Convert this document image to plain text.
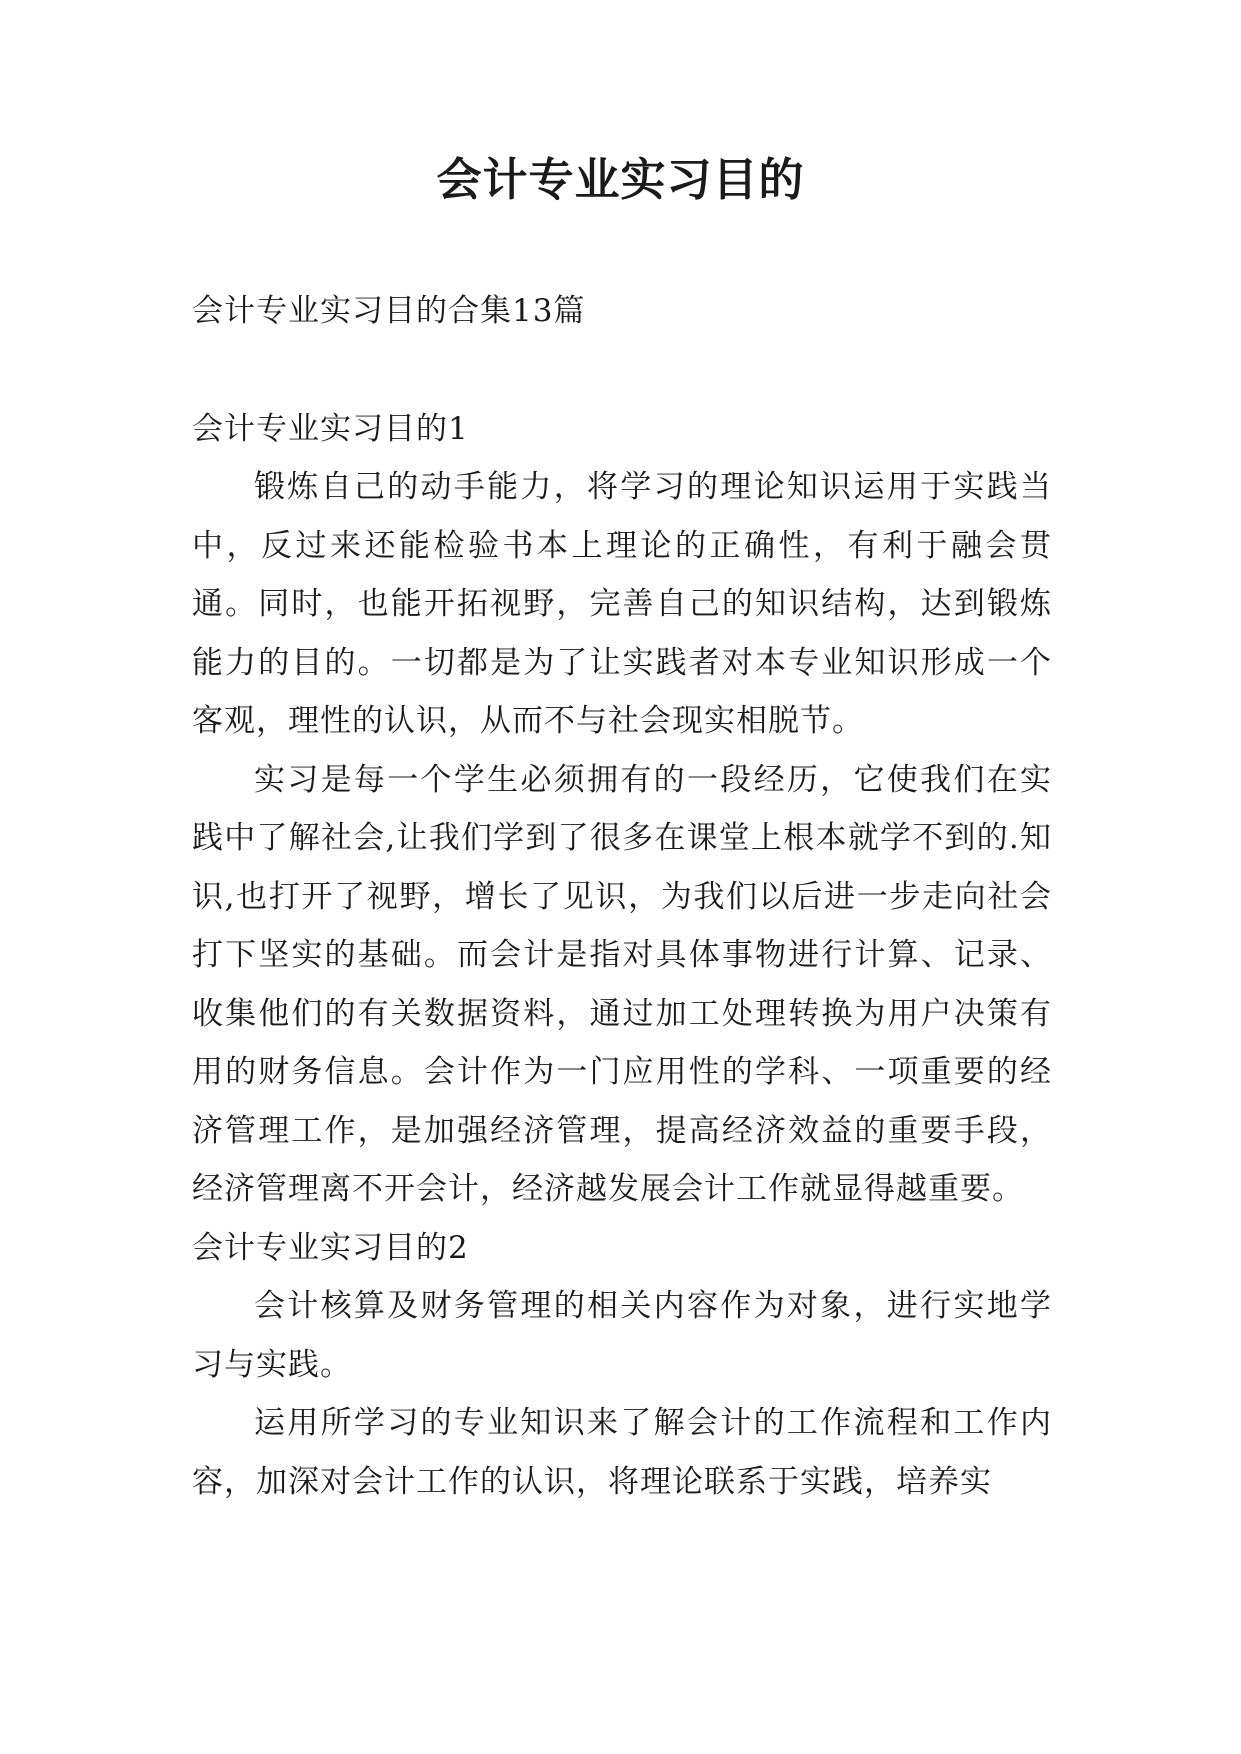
会计专业实习目的

会计专业实习目的合集13篇

会计专业实习目的1

锻炼自己的动手能力，将学习的理论知识运用于实践当中，反过来还能检验书本上理论的正确性，有利于融会贯通。同时，也能开拓视野，完善自己的知识结构，达到锻炼能力的目的。一切都是为了让实践者对本专业知识形成一个客观，理性的认识，从而不与社会现实相脱节。

实习是每一个学生必须拥有的一段经历，它使我们在实践中了解社会,让我们学到了很多在课堂上根本就学不到的.知识,也打开了视野，增长了见识，为我们以后进一步走向社会打下坚实的基础。而会计是指对具体事物进行计算、记录、收集他们的有关数据资料，通过加工处理转换为用户决策有用的财务信息。会计作为一门应用性的学科、一项重要的经济管理工作，是加强经济管理，提高经济效益的重要手段，经济管理离不开会计，经济越发展会计工作就显得越重要。

会计专业实习目的2

会计核算及财务管理的相关内容作为对象，进行实地学习与实践。

运用所学习的专业知识来了解会计的工作流程和工作内容，加深对会计工作的认识，将理论联系于实践，培养实
